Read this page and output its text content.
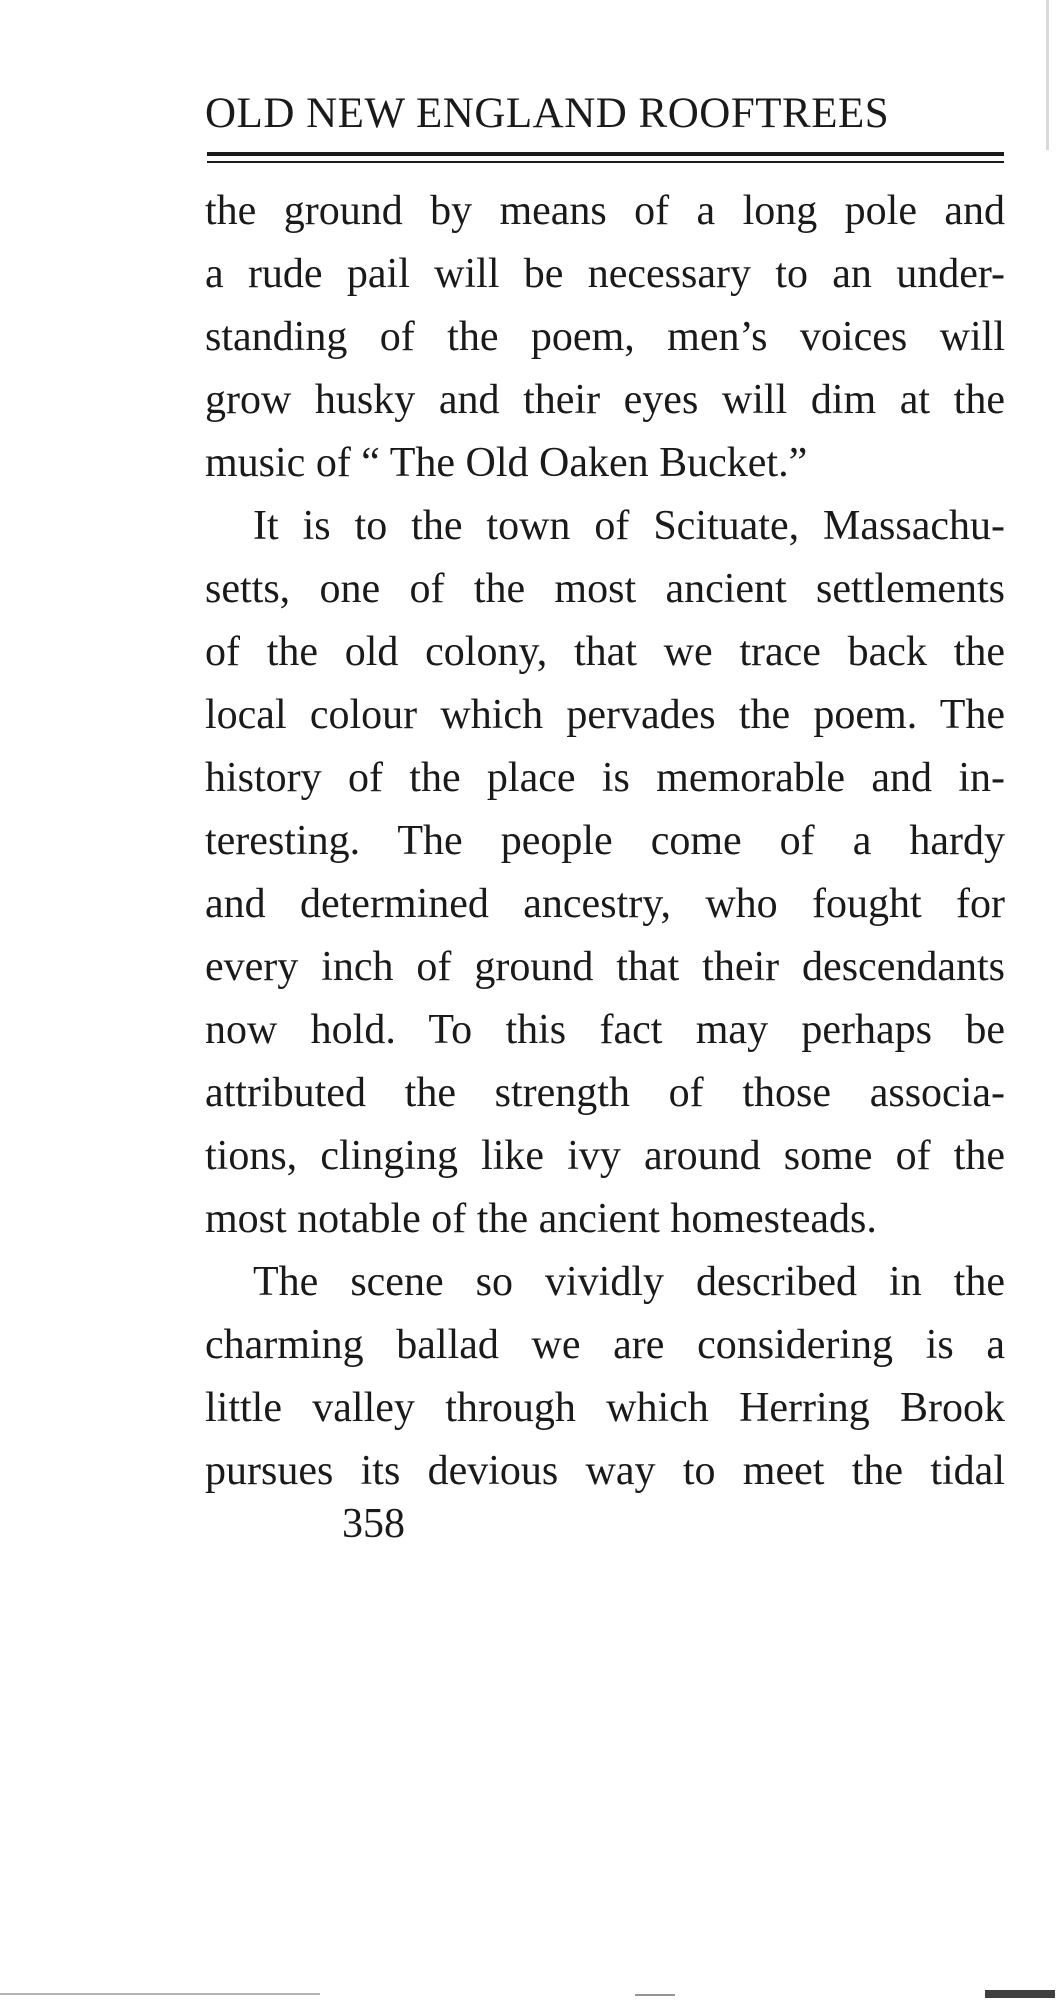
OLD NEW ENGLAND ROOFTREES
the ground by means of a long pole and
a rude pail will be necessary to an under-
standing of the poem, men’s voices will
grow husky and their eyes will dim at the
music of “ The Old Oaken Bucket.”
It is to the town of Scituate, Massachu-
setts, one of the most ancient settlements
of the old colony, that we trace back the
local colour which pervades the poem. The
history of the place is memorable and in-
teresting. The people come of a hardy
and determined ancestry, who fought for
every inch of ground that their descendants
now hold. To this fact may perhaps be
attributed the strength of those associa-
tions, clinging like ivy around some of the
most notable of the ancient homesteads.
The scene so vividly described in the
charming ballad we are considering is a
little valley through which Herring Brook
pursues its devious way to meet the tidal
358
